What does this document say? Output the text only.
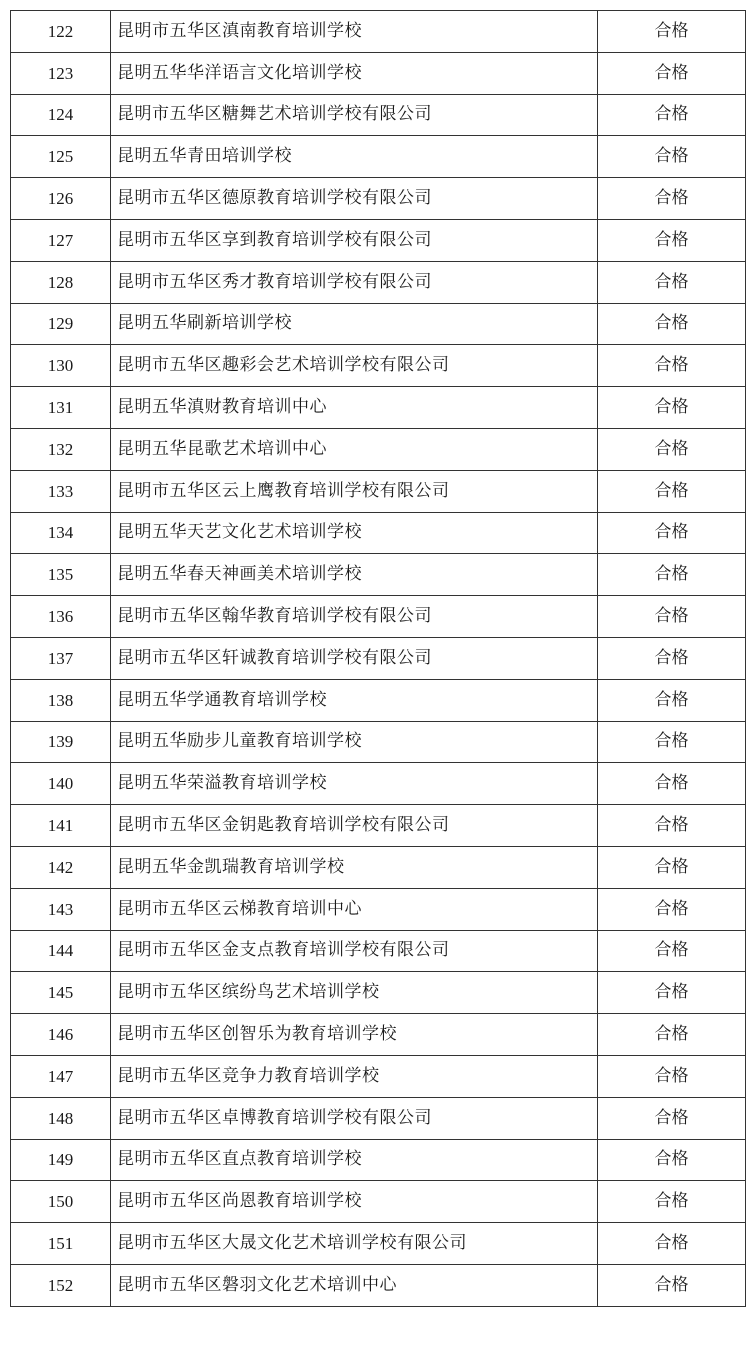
122	昆明市五华区滇南教育培训学校	合格
123	昆明五华华洋语言文化培训学校	合格
124	昆明市五华区糖舞艺术培训学校有限公司	合格
125	昆明五华青田培训学校	合格
126	昆明市五华区德原教育培训学校有限公司	合格
127	昆明市五华区享到教育培训学校有限公司	合格
128	昆明市五华区秀才教育培训学校有限公司	合格
129	昆明五华刷新培训学校	合格
130	昆明市五华区趣彩会艺术培训学校有限公司	合格
131	昆明五华滇财教育培训中心	合格
132	昆明五华昆歌艺术培训中心	合格
133	昆明市五华区云上鹰教育培训学校有限公司	合格
134	昆明五华天艺文化艺术培训学校	合格
135	昆明五华春天神画美术培训学校	合格
136	昆明市五华区翰华教育培训学校有限公司	合格
137	昆明市五华区轩诚教育培训学校有限公司	合格
138	昆明五华学通教育培训学校	合格
139	昆明五华励步儿童教育培训学校	合格
140	昆明五华荣溢教育培训学校	合格
141	昆明市五华区金钥匙教育培训学校有限公司	合格
142	昆明五华金凯瑞教育培训学校	合格
143	昆明市五华区云梯教育培训中心	合格
144	昆明市五华区金支点教育培训学校有限公司	合格
145	昆明市五华区缤纷鸟艺术培训学校	合格
146	昆明市五华区创智乐为教育培训学校	合格
147	昆明市五华区竞争力教育培训学校	合格
148	昆明市五华区卓博教育培训学校有限公司	合格
149	昆明市五华区直点教育培训学校	合格
150	昆明市五华区尚恩教育培训学校	合格
151	昆明市五华区大晟文化艺术培训学校有限公司	合格
152	昆明市五华区磐羽文化艺术培训中心	合格
